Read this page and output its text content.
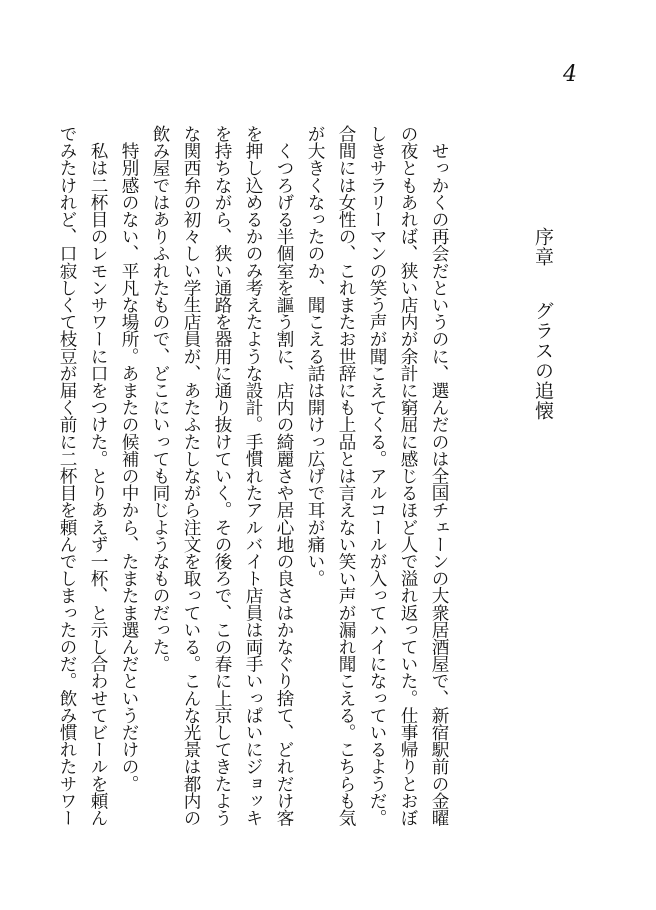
4
序章グラスの追懐
　せっかくの再会だというのに、選んだのは全国チェーンの大衆居酒屋で、新宿駅前の金曜
の夜ともあれば、狭い店内が余計に窮屈に感じるほど人で溢れ返っていた。仕事帰りとおぼ
しきサラリーマンの笑う声が聞こえてくる。アルコールが入ってハイになっているようだ。
合間には女性の、これまたお世辞にも上品とは言えない笑い声が漏れ聞こえる。こちらも気
が大きくなったのか、聞こえる話は開けっ広げで耳が痛い。
　くつろげる半個室を謳う割に、店内の綺麗さや居心地の良さはかなぐり捨て、どれだけ客
を押し込めるかのみ考えたような設計。手慣れたアルバイト店員は両手いっぱいにジョッキ
を持ちながら、狭い通路を器用に通り抜けていく。その後ろで、この春に上京してきたよう
な関西弁の初々しい学生店員が、あたふたしながら注文を取っている。こんな光景は都内の
飲み屋ではありふれたもので、どこにいっても同じようなものだった。
　特別感のない、平凡な場所。あまたの候補の中から、たまたま選んだというだけの。
　私は二杯目のレモンサワーに口をつけた。とりあえず一杯、と示し合わせてビールを頼ん
でみたけれど、口寂しくて枝豆が届く前に二杯目を頼んでしまったのだ。飲み慣れたサワー
